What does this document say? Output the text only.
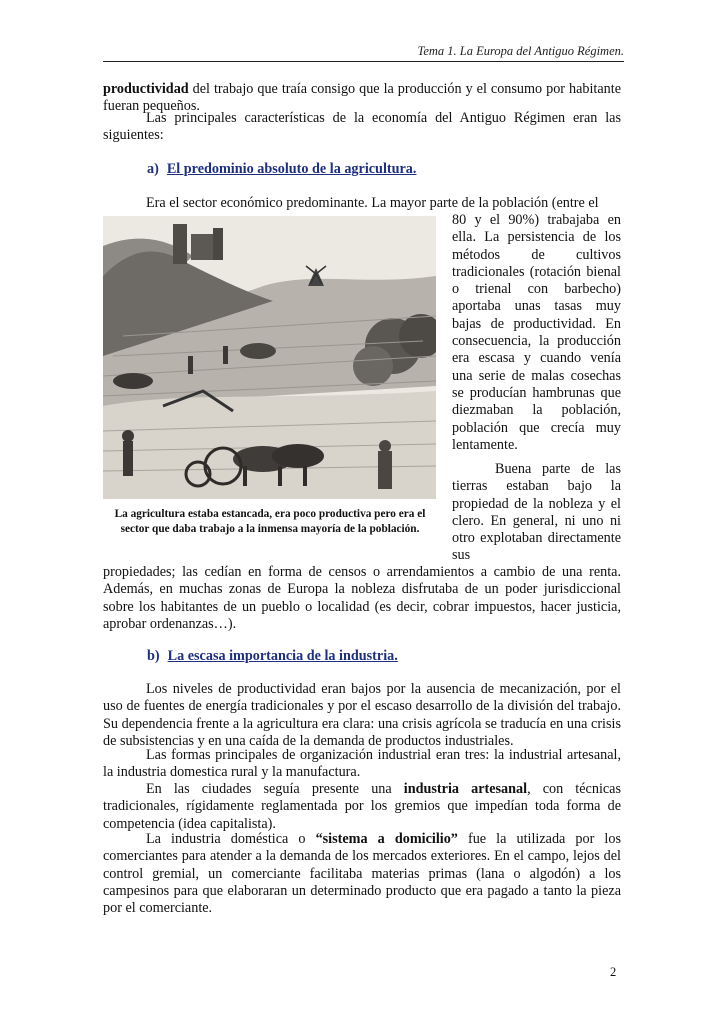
Tema 1. La Europa del Antiguo Régimen.

productividad del trabajo que traía consigo que la producción y el consumo por habitante fueran pequeños.

Las principales características de la economía del Antiguo Régimen eran las siguientes:

a) El predominio absoluto de la agricultura.

Era el sector económico predominante. La mayor parte de la población (entre el

La agricultura estaba estancada, era poco productiva pero era el sector que daba trabajo a la inmensa mayoría de la población.

80 y el 90%) trabajaba en ella. La persistencia de los métodos de cultivos tradicionales (rotación bienal o trienal con barbecho) aportaba unas tasas muy bajas de productividad. En consecuencia, la producción era escasa y cuando venía una serie de malas cosechas se producían hambrunas que diezmaban la población, población que crecía muy lentamente.

Buena parte de las tierras estaban bajo la propiedad de la nobleza y el clero. En general, ni uno ni otro explotaban directamente sus

propiedades; las cedían en forma de censos o arrendamientos a cambio de una renta. Además, en muchas zonas de Europa la nobleza disfrutaba de un poder jurisdiccional sobre los habitantes de un pueblo o localidad (es decir, cobrar impuestos, hacer justicia, aprobar ordenanzas…).

b) La escasa importancia de la industria.

Los niveles de productividad eran bajos por la ausencia de mecanización, por el uso de fuentes de energía tradicionales y por el escaso desarrollo de la división del trabajo. Su dependencia frente a la agricultura era clara: una crisis agrícola se traducía en una crisis de subsistencias y en una caída de la demanda de productos industriales.

Las formas principales de organización industrial eran tres: la industrial artesanal, la industria domestica rural y la manufactura.

En las ciudades seguía presente una industria artesanal, con técnicas tradicionales, rígidamente reglamentada por los gremios que impedían toda forma de competencia (idea capitalista).

La industria doméstica o “sistema a domicilio” fue la utilizada por los comerciantes para atender a la demanda de los mercados exteriores. En el campo, lejos del control gremial, un comerciante facilitaba materias primas (lana o algodón) a los campesinos para que elaboraran un determinado producto que era pagado a tanto la pieza por el comerciante.

2
